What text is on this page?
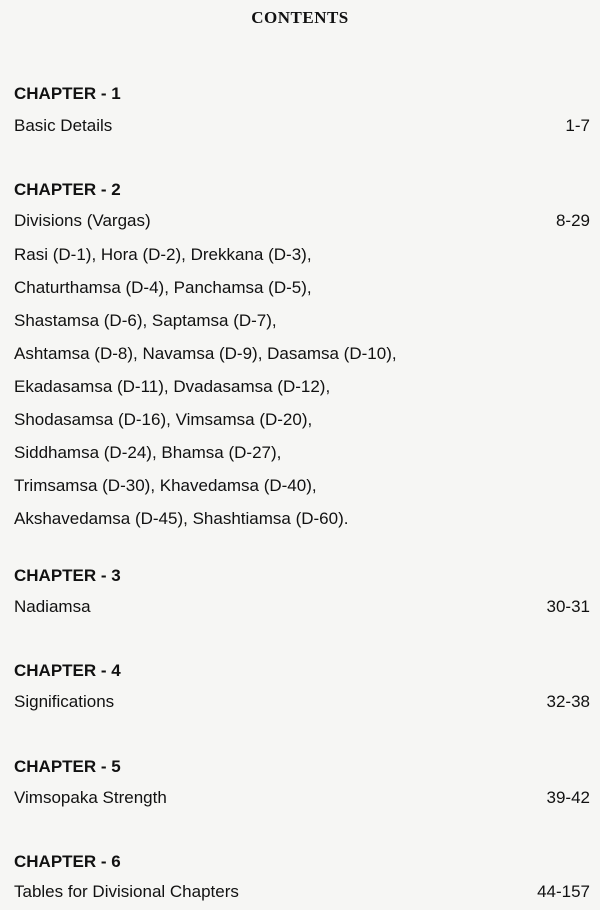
CONTENTS
CHAPTER - 1
Basic Details	1-7
CHAPTER - 2
Divisions (Vargas)	8-29
Rasi (D-1), Hora (D-2), Drekkana (D-3),
Chaturthamsa (D-4), Panchamsa (D-5),
Shastamsa (D-6), Saptamsa (D-7),
Ashtamsa (D-8), Navamsa (D-9), Dasamsa (D-10),
Ekadasamsa (D-11), Dvadasamsa (D-12),
Shodasamsa (D-16), Vimsamsa (D-20),
Siddhamsa (D-24), Bhamsa (D-27),
Trimsamsa (D-30), Khavedamsa (D-40),
Akshavedamsa (D-45), Shashtiamsa (D-60).
CHAPTER - 3
Nadiamsa	30-31
CHAPTER - 4
Significations	32-38
CHAPTER - 5
Vimsopaka Strength	39-42
CHAPTER - 6
Tables for Divisional Chapters	44-157
